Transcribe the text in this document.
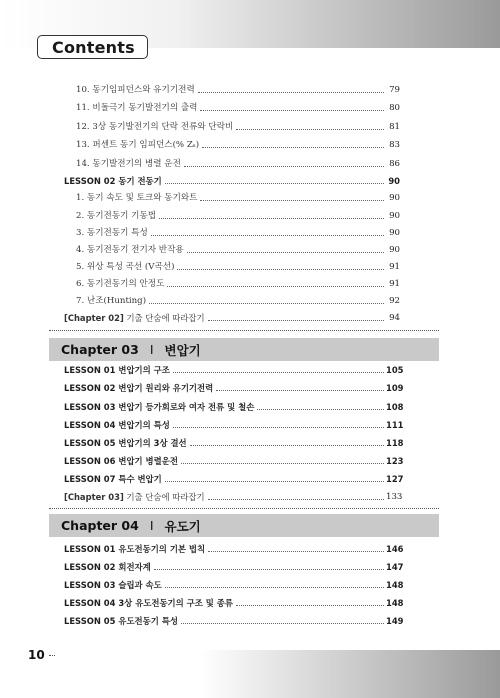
Contents
10. 동기임피던스와 유기기전력	79
11. 비돌극기 동기발전기의 출력	80
12. 3상 동기발전기의 단락 전류와 단락비	81
13. 퍼센트 동기 임피던스(% Zₛ)	83
14. 동기발전기의 병렬 운전	86
LESSON 02 동기 전동기	90
1. 동기 속도 및 토크와 동기와트	90
2. 동기전동기 기동법	90
3. 동기전동기 특성	90
4. 동기전동기 전기자 반작용	90
5. 위상 특성 곡선 (V곡선)	91
6. 동기전동기의 안정도	91
7. 난조(Hunting)	92
[Chapter 02] 기출 단숨에 따라잡기	94
Chapter 03 I 변압기
LESSON 01 변압기의 구조	105
LESSON 02 변압기 원리와 유기기전력	109
LESSON 03 변압기 등가회로와 여자 전류 및 철손	108
LESSON 04 변압기의 특성	111
LESSON 05 변압기의 3상 결선	118
LESSON 06 변압기 병렬운전	123
LESSON 07 특수 변압기	127
[Chapter 03] 기출 단숨에 따라잡기	133
Chapter 04 I 유도기
LESSON 01 유도전동기의 기본 법칙	146
LESSON 02 회전자계	147
LESSON 03 슬립과 속도	148
LESSON 04 3상 유도전동기의 구조 및 종류	148
LESSON 05 유도전동기 특성	149
10
